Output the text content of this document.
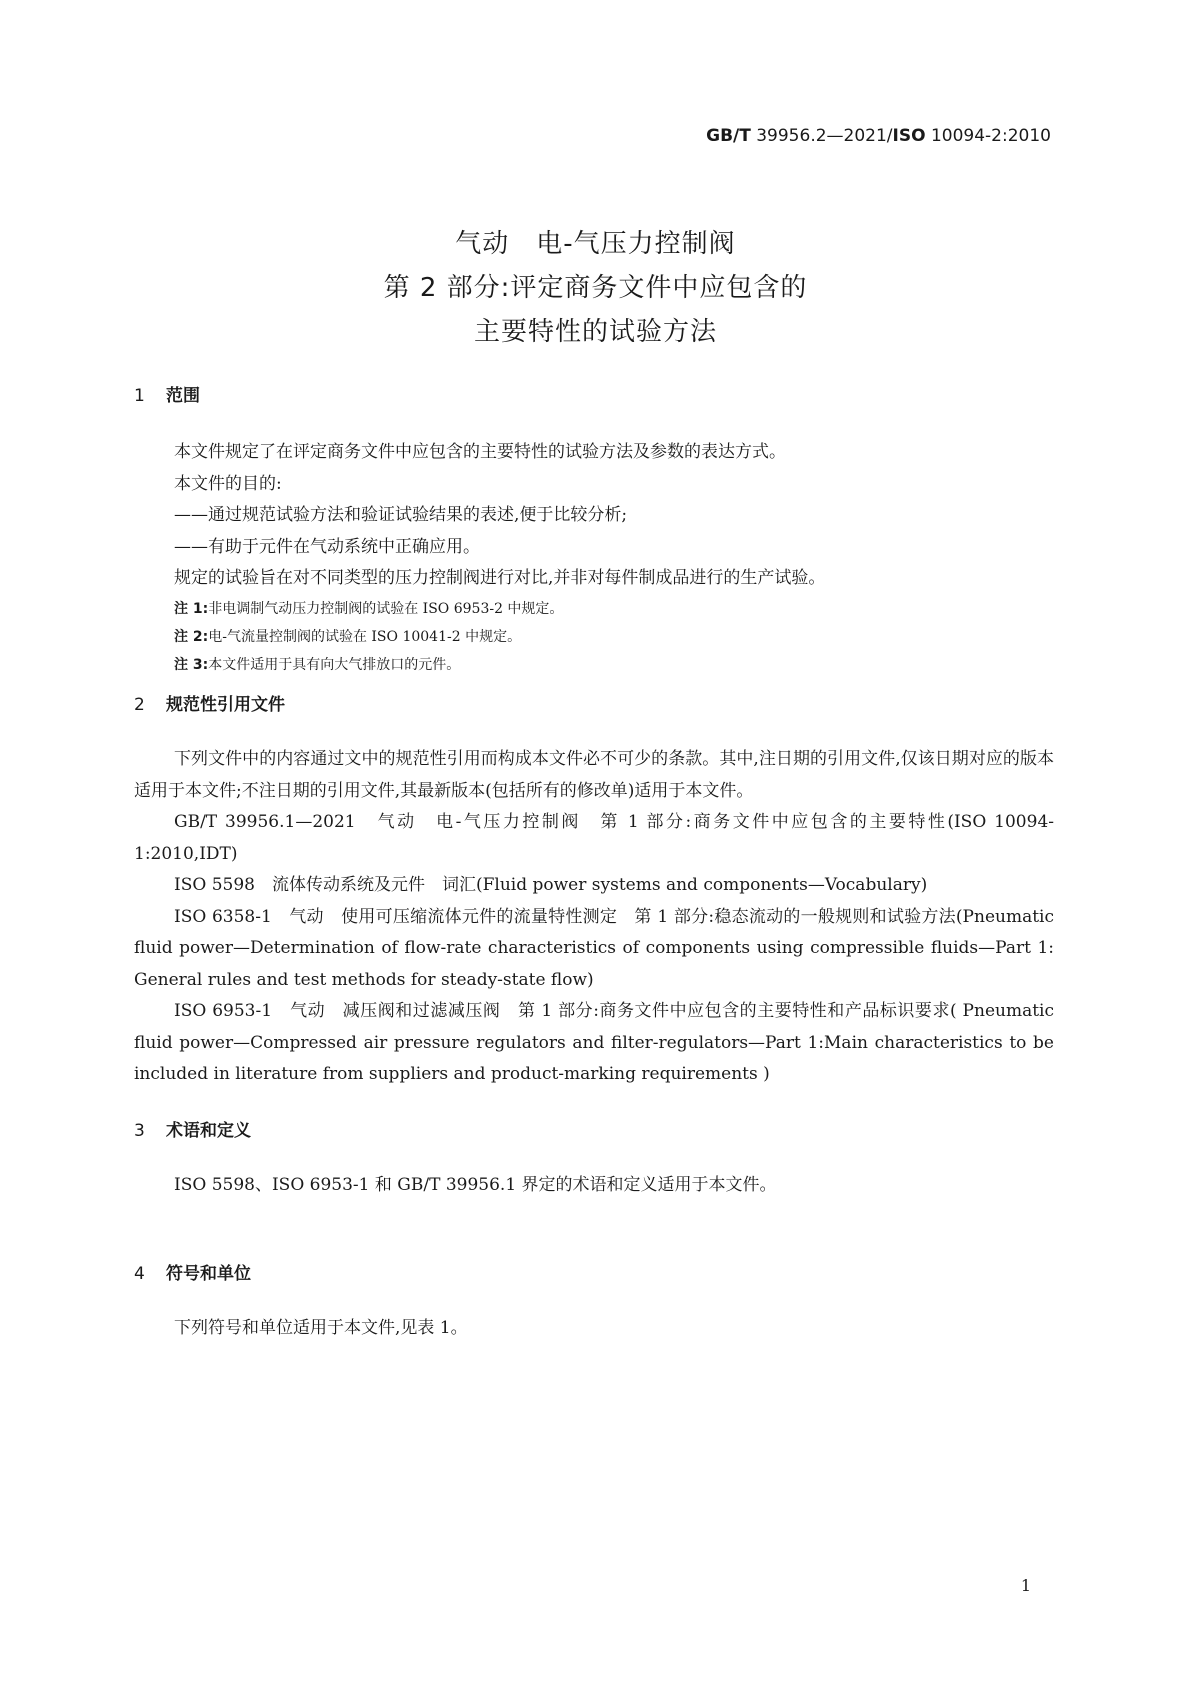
GB/T 39956.2—2021/ISO 10094-2:2010
气动　电-气压力控制阀
第 2 部分:评定商务文件中应包含的
主要特性的试验方法
1 范围

本文件规定了在评定商务文件中应包含的主要特性的试验方法及参数的表达方式。

本文件的目的:

——通过规范试验方法和验证试验结果的表述,便于比较分析;

——有助于元件在气动系统中正确应用。

规定的试验旨在对不同类型的压力控制阀进行对比,并非对每件制成品进行的生产试验。

注 1:非电调制气动压力控制阀的试验在 ISO 6953-2 中规定。

注 2:电-气流量控制阀的试验在 ISO 10041-2 中规定。

注 3:本文件适用于具有向大气排放口的元件。

2 规范性引用文件

下列文件中的内容通过文中的规范性引用而构成本文件必不可少的条款。其中,注日期的引用文件,仅该日期对应的版本适用于本文件;不注日期的引用文件,其最新版本(包括所有的修改单)适用于本文件。

GB/T 39956.1—2021　气动　电-气压力控制阀　第 1 部分:商务文件中应包含的主要特性(ISO 10094-1:2010,IDT)

ISO 5598　流体传动系统及元件　词汇(Fluid power systems and components—Vocabulary)

ISO 6358-1　气动　使用可压缩流体元件的流量特性测定　第 1 部分:稳态流动的一般规则和试验方法(Pneumatic fluid power—Determination of flow-rate characteristics of components using compressible fluids—Part 1: General rules and test methods for steady-state flow)

ISO 6953-1　气动　减压阀和过滤减压阀　第 1 部分:商务文件中应包含的主要特性和产品标识要求( Pneumatic fluid power—Compressed air pressure regulators and filter-regulators—Part 1:Main characteristics to be included in literature from suppliers and product-marking requirements )

3 术语和定义

ISO 5598、ISO 6953-1 和 GB/T 39956.1 界定的术语和定义适用于本文件。

4 符号和单位

下列符号和单位适用于本文件,见表 1。

1
